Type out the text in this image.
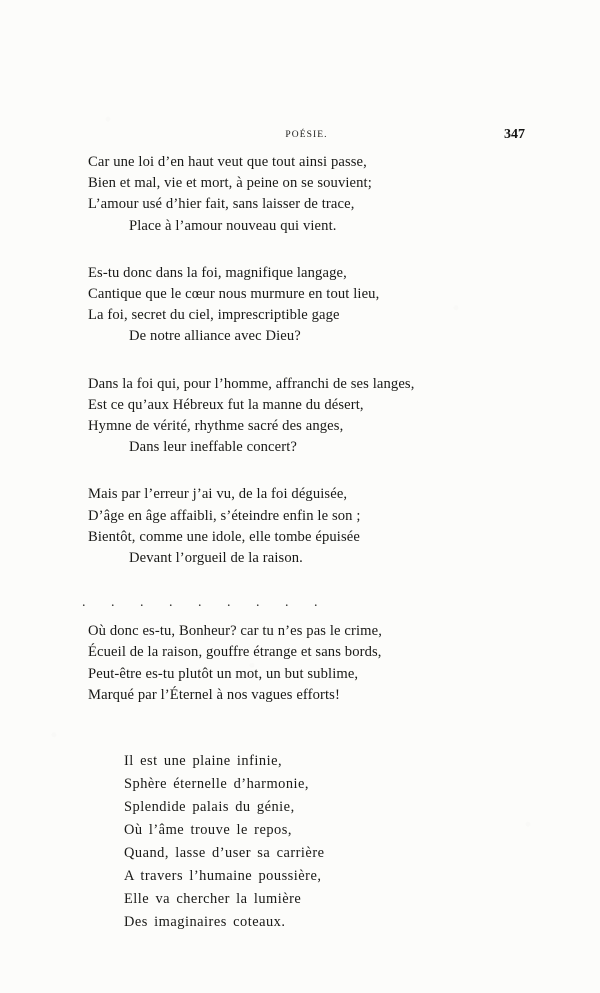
POÉSIE.	347
Car une loi d’en haut veut que tout ainsi passe,
Bien et mal, vie et mort, à peine on se souvient;
L’amour usé d’hier fait, sans laisser de trace,
Place à l’amour nouveau qui vient.
Es-tu donc dans la foi, magnifique langage,
Cantique que le cœur nous murmure en tout lieu,
La foi, secret du ciel, imprescriptible gage
De notre alliance avec Dieu?
Dans la foi qui, pour l’homme, affranchi de ses langes,
Est ce qu’aux Hébreux fut la manne du désert,
Hymne de vérité, rhythme sacré des anges,
Dans leur ineffable concert?
Mais par l’erreur j’ai vu, de la foi déguisée,
D’âge en âge affaibli, s’éteindre enfin le son ;
Bientôt, comme une idole, elle tombe épuisée
Devant l’orgueil de la raison.
. . . . . . . . .
Où donc es-tu, Bonheur? car tu n’es pas le crime,
Écueil de la raison, gouffre étrange et sans bords,
Peut-être es-tu plutôt un mot, un but sublime,
Marqué par l’Éternel à nos vagues efforts!
Il est une plaine infinie,
Sphère éternelle d’harmonie,
Splendide palais du génie,
Où l’âme trouve le repos,
Quand, lasse d’user sa carrière
A travers l’humaine poussière,
Elle va chercher la lumière
Des imaginaires coteaux.
